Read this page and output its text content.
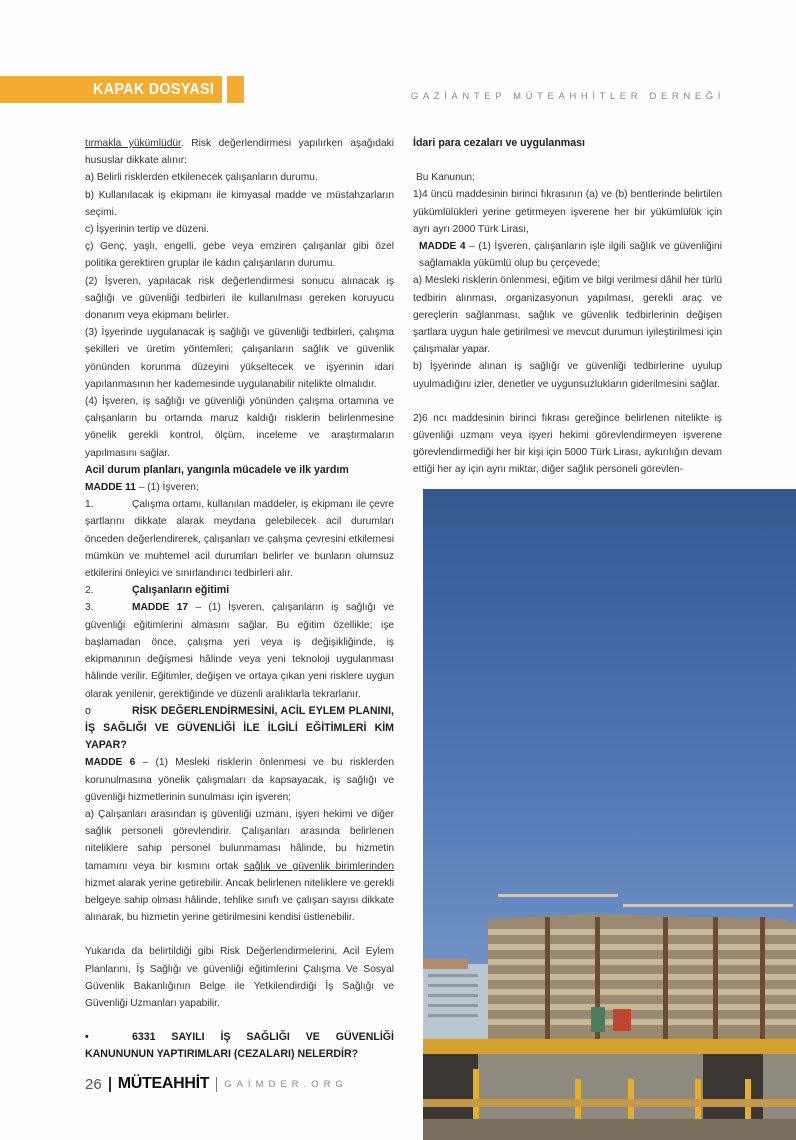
KAPAK DOSYASI	GAZİANTEP MÜTEAHHİTLER DERNEĞİ

tırmakla yükümlüdür. Risk değerlendirmesi yapılırken aşağıdaki hususlar dikkate alınır:

a) Belirli risklerden etkilenecek çalışanların durumu.

b) Kullanılacak iş ekipmanı ile kimyasal madde ve müstahzarların seçimi.

c) İşyerinin tertip ve düzeni.

ç) Genç, yaşlı, engelli, gebe veya emziren çalışanlar gibi özel politika gerektiren gruplar ile kadın çalışanların durumu.

(2) İşveren, yapılacak risk değerlendirmesi sonucu alınacak iş sağlığı ve güvenliği tedbirleri ile kullanılması gereken koruyucu donanım veya ekipmanı belirler.

(3) İşyerinde uygulanacak iş sağlığı ve güvenliği tedbirleri, çalışma şekilleri ve üretim yöntemleri; çalışanların sağlık ve güvenlik yönünden korunma düzeyini yükseltecek ve işyerinin idari yapılanmasının her kademesinde uygulanabilir nitelikte olmalıdır.

(4) İşveren, iş sağlığı ve güvenliği yönünden çalışma ortamına ve çalışanların bu ortamda maruz kaldığı risklerin belirlenmesine yönelik gerekli kontrol, ölçüm, inceleme ve araştırmaların yapılmasını sağlar.

Acil durum planları, yangınla mücadele ve ilk yardım

MADDE 11 – (1) İşveren;

1.	Çalışma ortamı, kullanılan maddeler, iş ekipmanı ile çevre şartlarını dikkate alarak meydana gelebilecek acil durumları önceden değerlendirerek, çalışanları ve çalışma çevresini etkilemesi mümkün ve muhtemel acil durumları belirler ve bunların olumsuz etkilerini önleyici ve sınırlandırıcı tedbirleri alır.

2.	Çalışanların eğitimi

3.	MADDE 17 – (1) İşveren, çalışanların iş sağlığı ve güvenliği eğitimlerini almasını sağlar. Bu eğitim özellikle; işe başlamadan önce, çalışma yeri veya iş değişikliğinde, iş ekipmanının değişmesi hâlinde veya yeni teknoloji uygulanması hâlinde verilir. Eğitimler, değişen ve ortaya çıkan yeni risklere uygun olarak yenilenir, gerektiğinde ve düzenli aralıklarla tekrarlanır.

o	RİSK DEĞERLENDİRMESİNİ, ACİL EYLEM PLANINI, İŞ SAĞLIĞI VE GÜVENLİĞİ İLE İLGİLİ EĞİTİMLERİ KİM YAPAR?

MADDE 6 – (1) Mesleki risklerin önlenmesi ve bu risklerden korunulmasına yönelik çalışmaları da kapsayacak, iş sağlığı ve güvenliği hizmetlerinin sunulması için işveren;

a) Çalışanları arasından iş güvenliği uzmanı, işyeri hekimi ve diğer sağlık personeli görevlendirir. Çalışanları arasında belirlenen niteliklere sahip personel bulunmaması hâlinde, bu hizmetin tamamını veya bir kısmını ortak sağlık ve güvenlik birimlerinden hizmet alarak yerine getirebilir. Ancak belirlenen niteliklere ve gerekli belgeye sahip olması hâlinde, tehlike sınıfı ve çalışan sayısı dikkate alınarak, bu hizmetin yerine getirilmesini kendisi üstlenebilir.

Yukarıda da belirtildiği gibi Risk Değerlendirmelerini, Acil Eylem Planlarını, İş Sağlığı ve güvenliği eğitimlerini Çalışma Ve Sosyal Güvenlik Bakanlığının Belge ile Yetkilendirdiği İş Sağlığı ve Güvenliği Uzmanları yapabilir.

•	6331 SAYILI İŞ SAĞLIĞI VE GÜVENLİĞİ KANUNUNUN YAPTIRIMLARI (CEZALARI) NELERDİR?

İdari para cezaları ve uygulanması

Bu Kanunun;

1)4 üncü maddesinin birinci fıkrasının (a) ve (b) bentlerinde belirtilen yükümlülükleri yerine getirmeyen işverene her bir yükümlülük için ayrı ayrı 2000 Türk Lirası,

MADDE 4 – (1) İşveren, çalışanların işle ilgili sağlık ve güvenliğini sağlamakla yükümlü olup bu çerçevede;

a) Mesleki risklerin önlenmesi, eğitim ve bilgi verilmesi dâhil her türlü tedbirin alınması, organizasyonun yapılması, gerekli araç ve gereçlerin sağlanması, sağlık ve güvenlik tedbirlerinin değişen şartlara uygun hale getirilmesi ve mevcut durumun iyileştirilmesi için çalışmalar yapar.

b) İşyerinde alınan iş sağlığı ve güvenliği tedbirlerine uyulup uyulmadığını izler, denetler ve uygunsuzlukların giderilmesini sağlar.

2)6 ncı maddesinin birinci fıkrası gereğince belirlenen nitelikte iş güvenliği uzmanı veya işyeri hekimi görevlendirmeyen işverene görevlendirmediği her bir kişi için 5000 Türk Lirası, aykırılığın devam ettiği her ay için aynı miktar, diğer sağlık personeli görevlen-

26 MÜTEAHHİT GAİMDER.ORG
